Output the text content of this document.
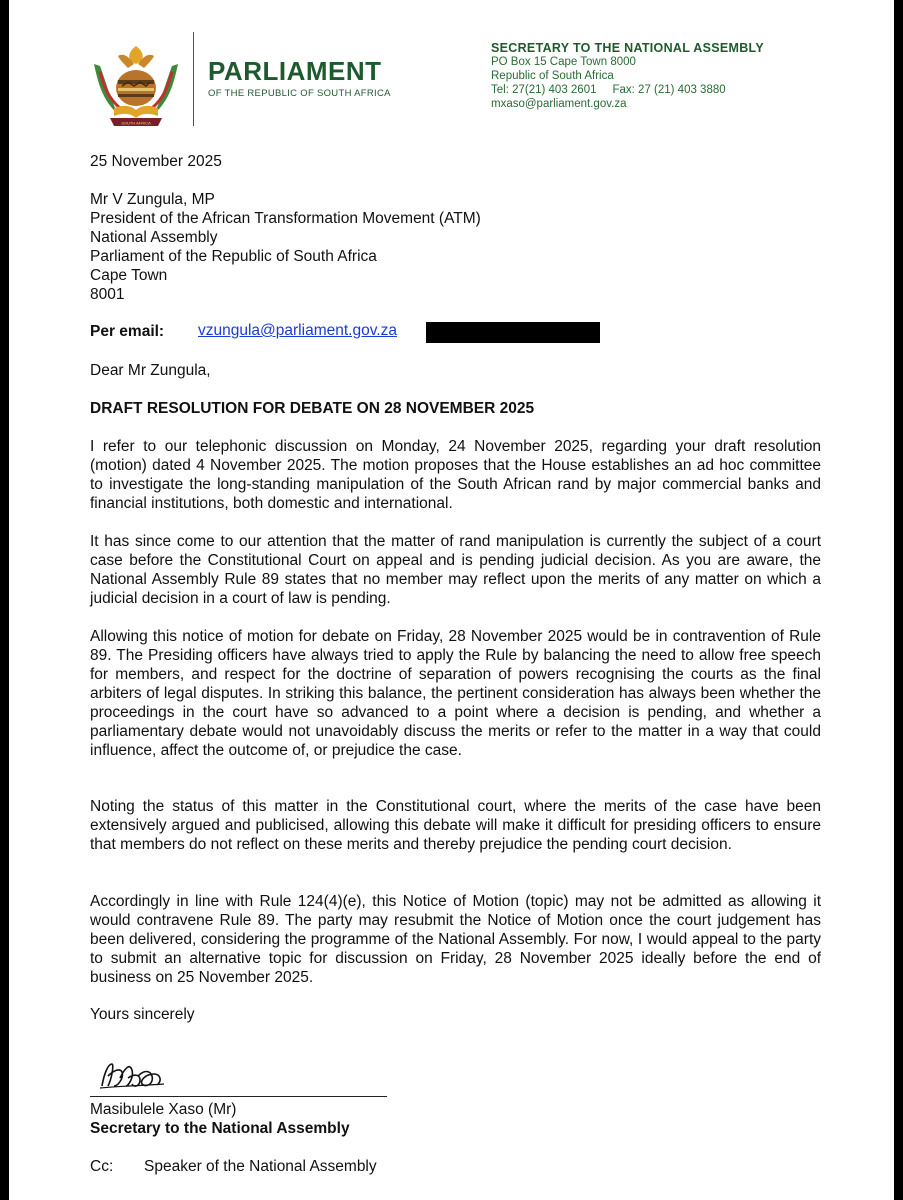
SOUTH AFRICA
PARLIAMENT
OF THE REPUBLIC OF SOUTH AFRICA
SECRETARY TO THE NATIONAL ASSEMBLY
PO Box 15 Cape Town 8000
Republic of South Africa
Tel: 27(21) 403 2601 Fax: 27 (21) 403 3880
mxaso@parliament.gov.za
25 November 2025
Mr V Zungula, MP
President of the African Transformation Movement (ATM)
National Assembly
Parliament of the Republic of South Africa
Cape Town
8001
Per email: vzungula@parliament.gov.za
Dear Mr Zungula,
DRAFT RESOLUTION FOR DEBATE ON 28 NOVEMBER 2025
I refer to our telephonic discussion on Monday, 24 November 2025, regarding your draft resolution (motion) dated 4 November 2025. The motion proposes that the House establishes an ad hoc committee to investigate the long-standing manipulation of the South African rand by major commercial banks and financial institutions, both domestic and international.
It has since come to our attention that the matter of rand manipulation is currently the subject of a court case before the Constitutional Court on appeal and is pending judicial decision. As you are aware, the National Assembly Rule 89 states that no member may reflect upon the merits of any matter on which a judicial decision in a court of law is pending.
Allowing this notice of motion for debate on Friday, 28 November 2025 would be in contravention of Rule 89. The Presiding officers have always tried to apply the Rule by balancing the need to allow free speech for members, and respect for the doctrine of separation of powers recognising the courts as the final arbiters of legal disputes. In striking this balance, the pertinent consideration has always been whether the proceedings in the court have so advanced to a point where a decision is pending, and whether a parliamentary debate would not unavoidably discuss the merits or refer to the matter in a way that could influence, affect the outcome of, or prejudice the case.
Noting the status of this matter in the Constitutional court, where the merits of the case have been extensively argued and publicised, allowing this debate will make it difficult for presiding officers to ensure that members do not reflect on these merits and thereby prejudice the pending court decision.
Accordingly in line with Rule 124(4)(e), this Notice of Motion (topic) may not be admitted as allowing it would contravene Rule 89. The party may resubmit the Notice of Motion once the court judgement has been delivered, considering the programme of the National Assembly. For now, I would appeal to the party to submit an alternative topic for discussion on Friday, 28 November 2025 ideally before the end of business on 25 November 2025.
Yours sincerely
Masibulele Xaso (Mr)
Secretary to the National Assembly
Cc: Speaker of the National Assembly
